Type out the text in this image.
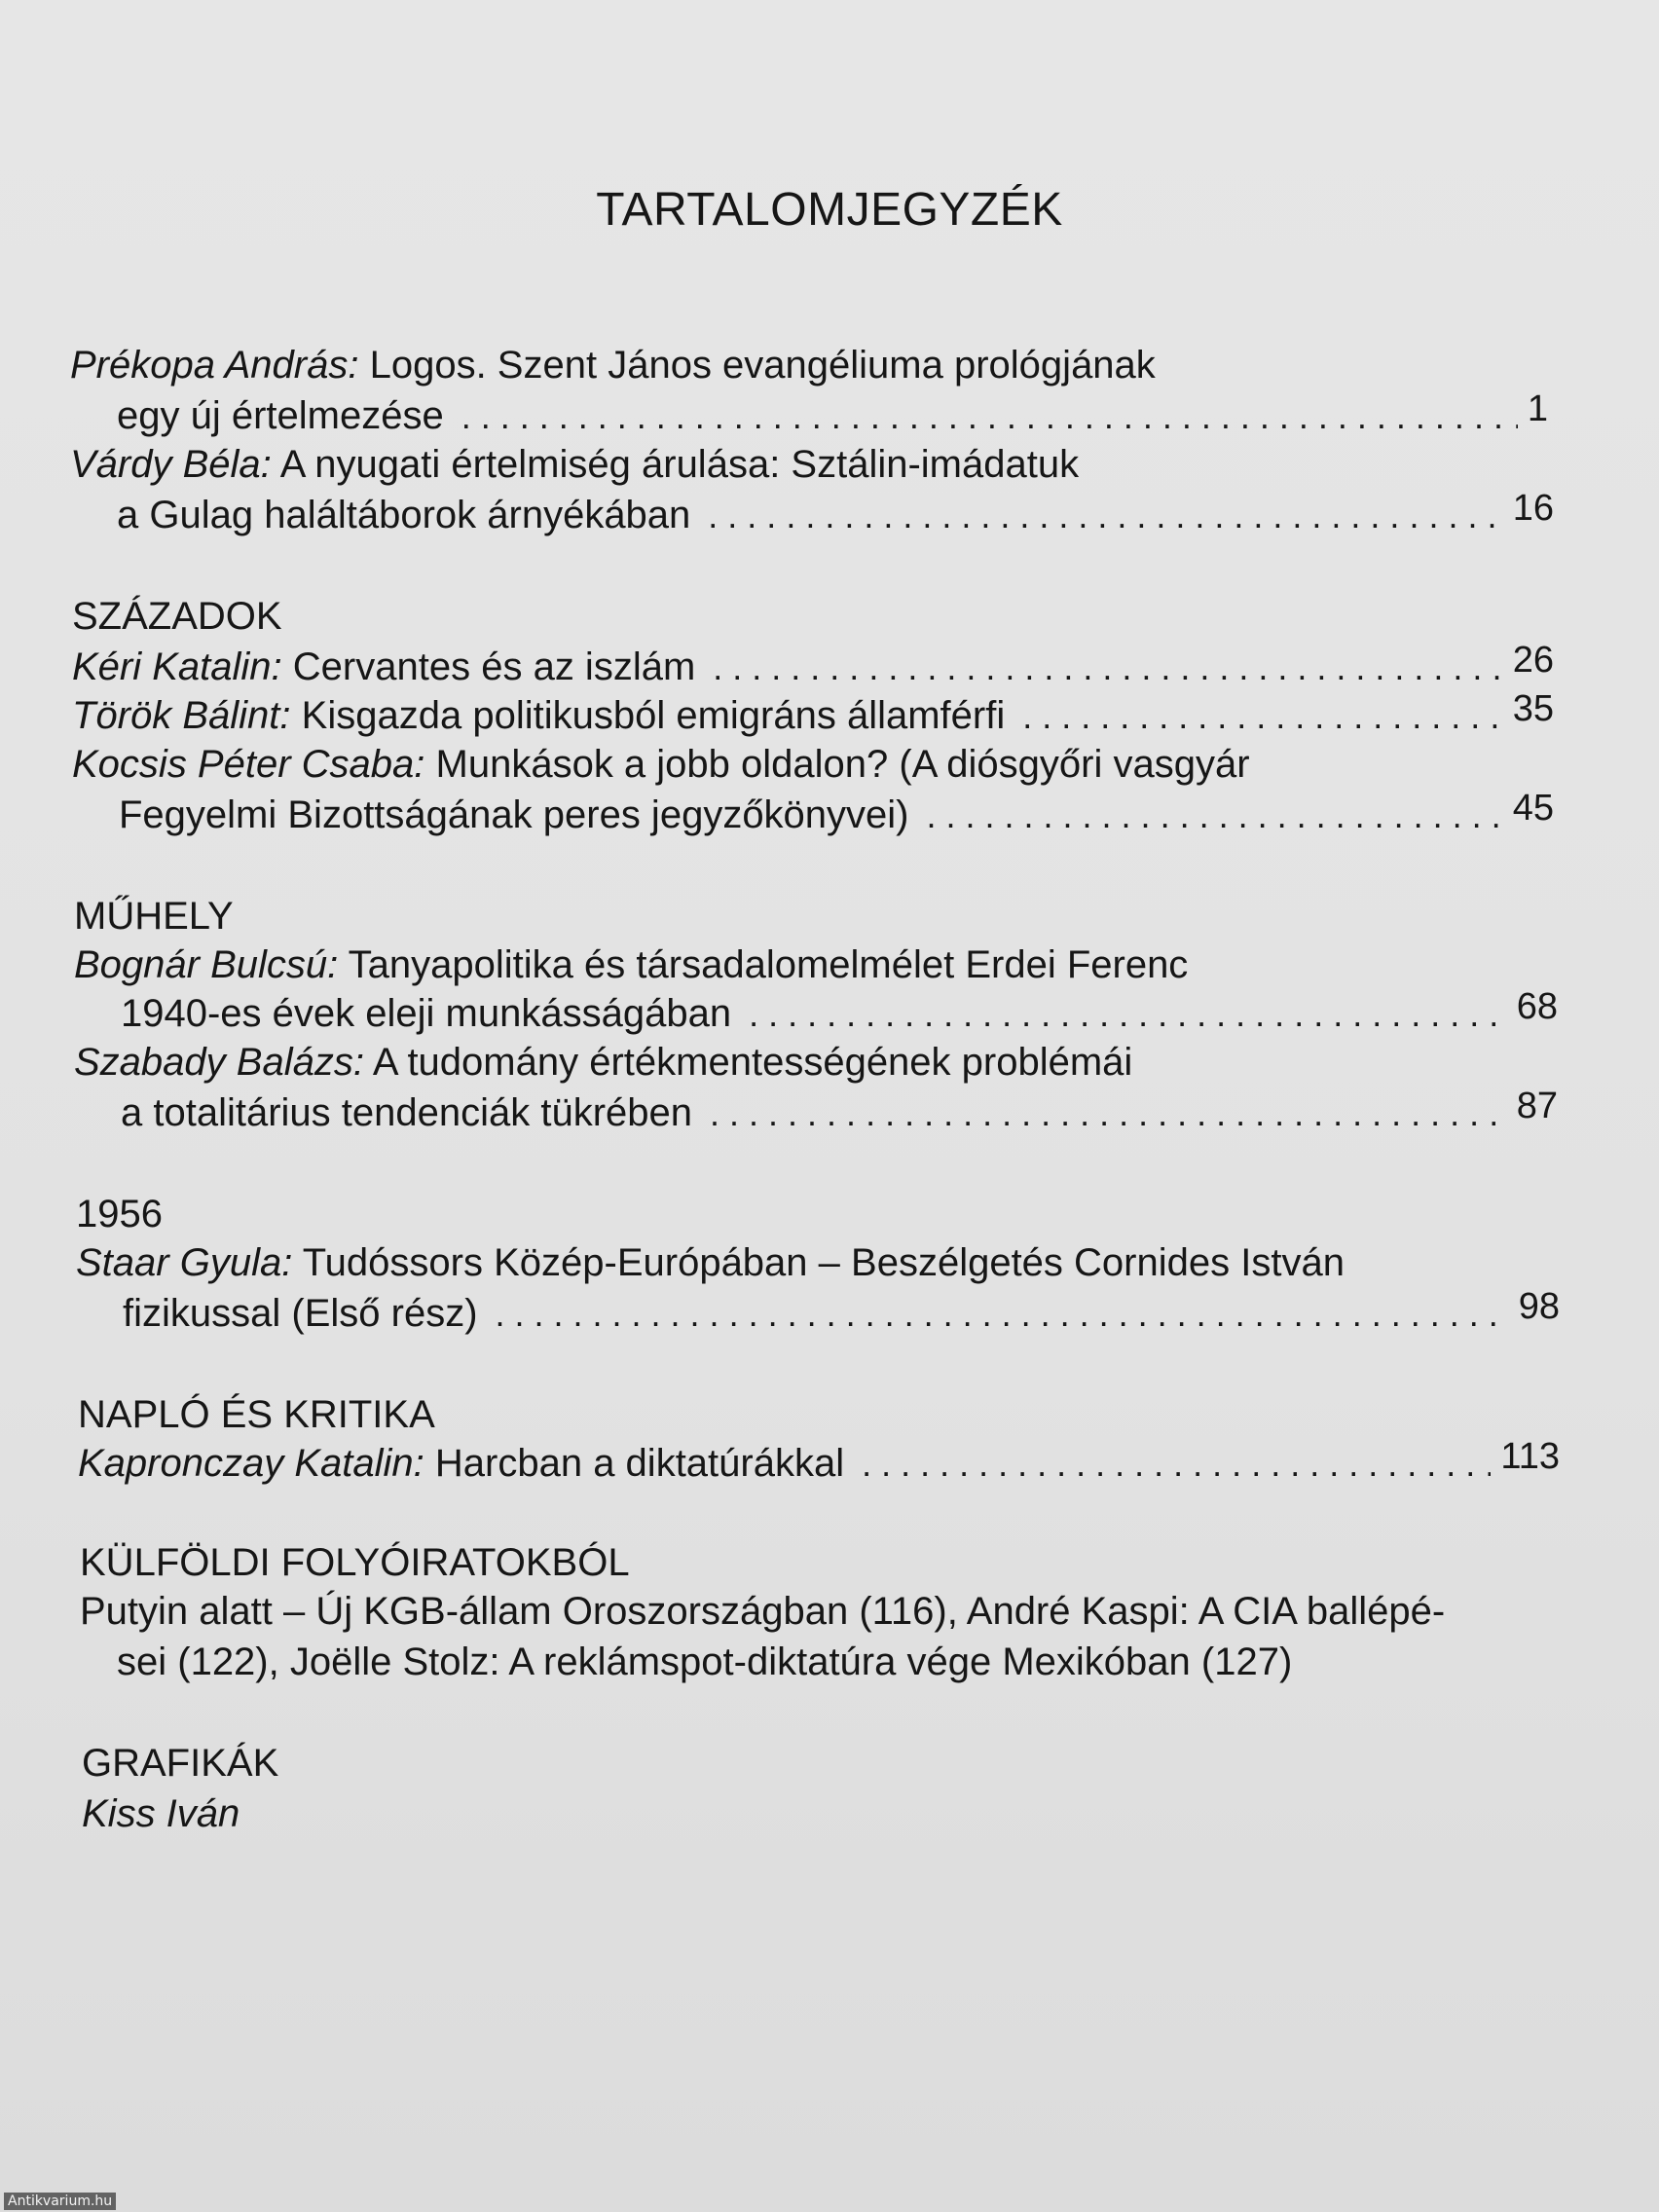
TARTALOMJEGYZÉK
Prékopa András: Logos. Szent János evangéliuma prológjának
egy új értelmezése . . .	1
Várdy Béla: A nyugati értelmiség árulása: Sztálin-imádatuk
a Gulag haláltáborok árnyékában . . .	16
SZÁZADOK
Kéri Katalin: Cervantes és az iszlám . . .	26
Török Bálint: Kisgazda politikusból emigráns államférfi . . .	35
Kocsis Péter Csaba: Munkások a jobb oldalon? (A diósgyőri vasgyár
Fegyelmi Bizottságának peres jegyzőkönyvei) . . .	45
MŰHELY
Bognár Bulcsú: Tanyapolitika és társadalomelmélet Erdei Ferenc
1940-es évek eleji munkásságában . . .	68
Szabady Balázs: A tudomány értékmentességének problémái
a totalitárius tendenciák tükrében . . .	87
1956
Staar Gyula: Tudóssors Közép-Európában – Beszélgetés Cornides István
fizikussal (Első rész) . . .	98
NAPLÓ ÉS KRITIKA
Kapronczay Katalin: Harcban a diktatúrákkal . . .	113
KÜLFÖLDI FOLYÓIRATOKBÓL
Putyin alatt – Új KGB-állam Oroszországban (116), André Kaspi: A CIA ballépé-
sei (122), Joëlle Stolz: A reklámspot-diktatúra vége Mexikóban (127)
GRAFIKÁK
Kiss Iván
Antikvarium.hu
